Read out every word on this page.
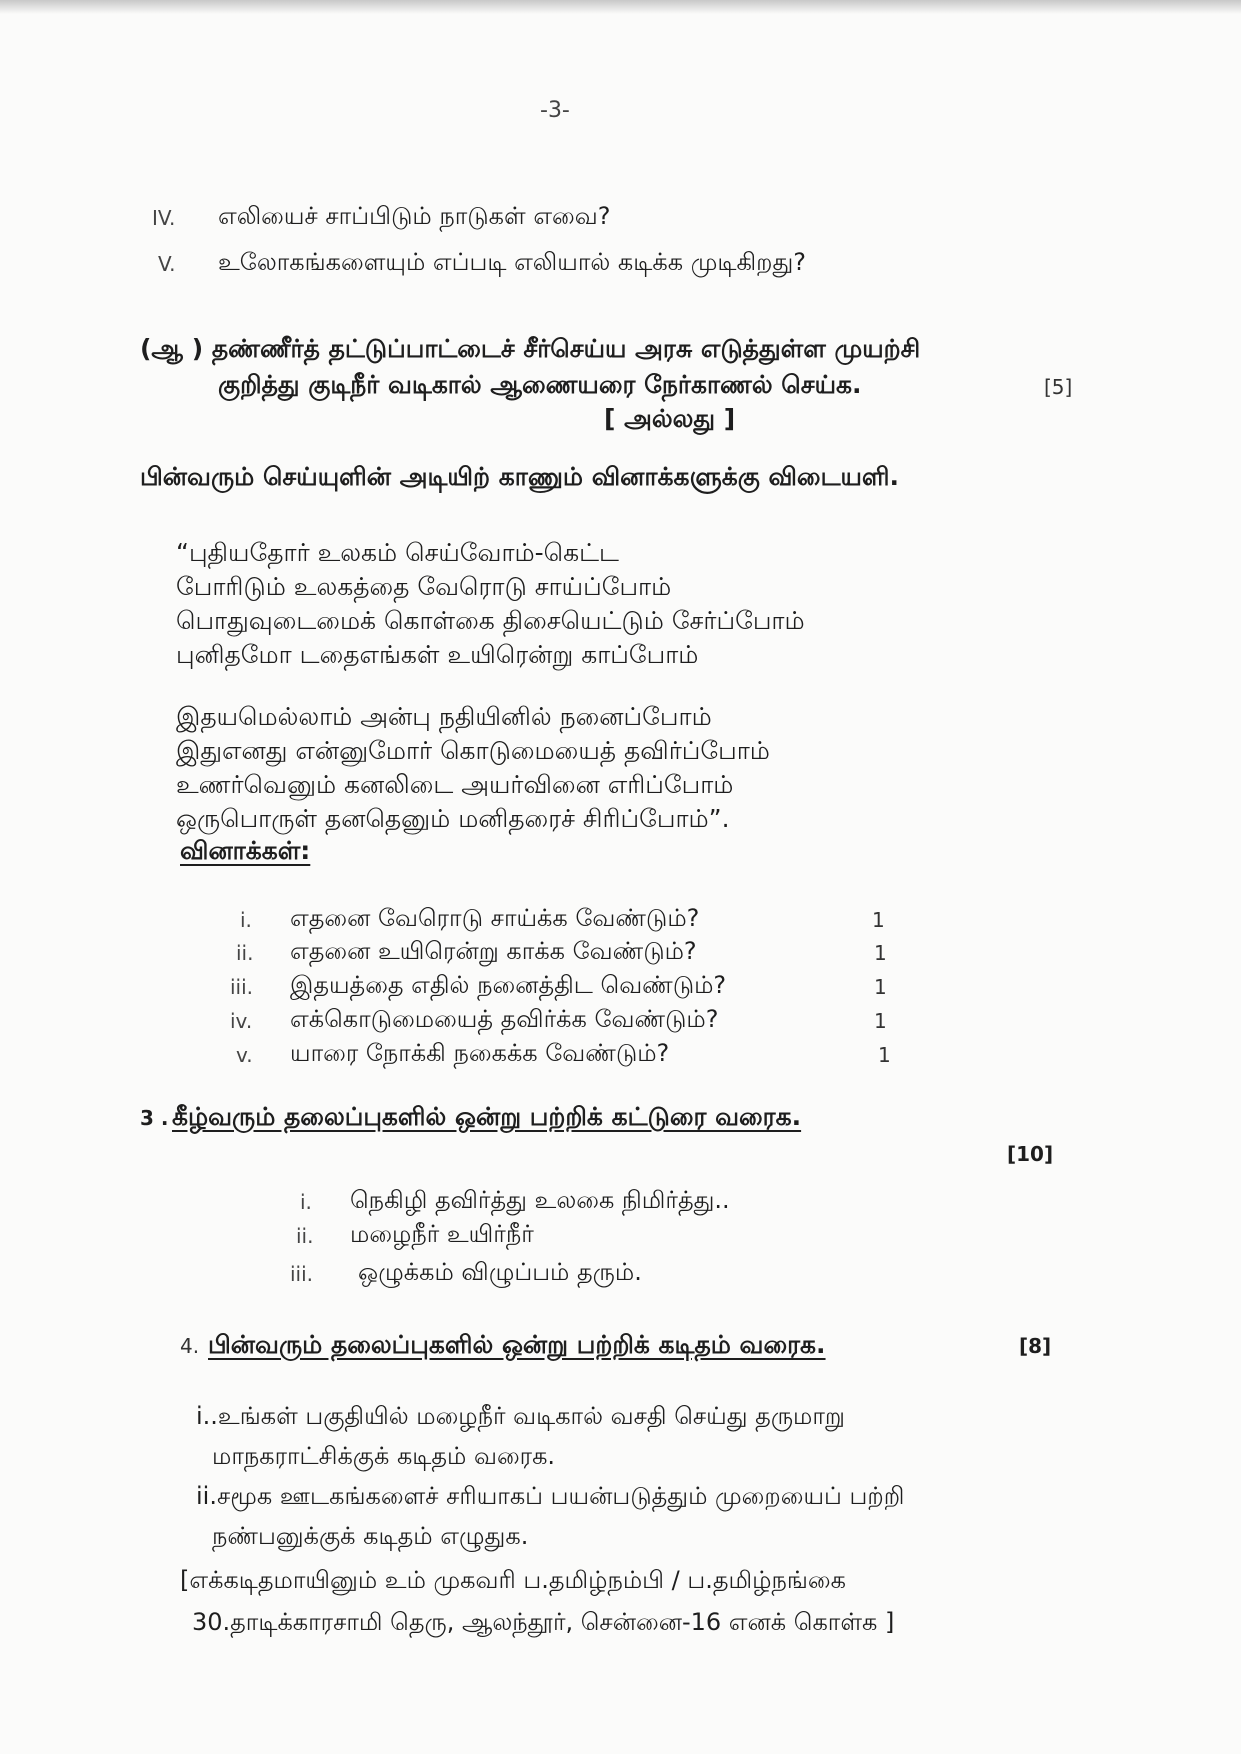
-3-
IV. எலியைச் சாப்பிடும் நாடுகள் எவை?
V. உலோகங்களையும் எப்படி எலியால் கடிக்க முடிகிறது?
(ஆ ) தண்ணீர்த் தட்டுப்பாட்டைச் சீர்செய்ய அரசு எடுத்துள்ள முயற்சி
குறித்து குடிநீர் வடிகால் ஆணையரை நேர்காணல் செய்க.	[5]
[ அல்லது ]
பின்வரும் செய்யுளின் அடியிற் காணும் வினாக்களுக்கு விடையளி.
“புதியதோர் உலகம் செய்வோம்-கெட்ட
போரிடும் உலகத்தை வேரொடு சாய்ப்போம்
பொதுவுடைமைக் கொள்கை திசையெட்டும் சேர்ப்போம்
புனிதமோ டதைஎங்கள் உயிரென்று காப்போம்
இதயமெல்லாம் அன்பு நதியினில் நனைப்போம்
இதுஎனது என்னுமோர் கொடுமையைத் தவிர்ப்போம்
உணர்வெனும் கனலிடை அயர்வினை எரிப்போம்
ஒருபொருள் தனதெனும் மனிதரைச் சிரிப்போம்”.
வினாக்கள்:
i. எதனை வேரொடு சாய்க்க வேண்டும்?	1
ii. எதனை உயிரென்று காக்க வேண்டும்?	1
iii. இதயத்தை எதில் நனைத்திட வெண்டும்?	1
iv. எக்கொடுமையைத் தவிர்க்க வேண்டும்?	1
v. யாரை நோக்கி நகைக்க வேண்டும்?	1
3 . கீழ்வரும் தலைப்புகளில் ஒன்று பற்றிக் கட்டுரை வரைக.
[10]
i. நெகிழி தவிர்த்து உலகை நிமிர்த்து..
ii. மழைநீர் உயிர்நீர்
iii. ஒழுக்கம் விழுப்பம் தரும்.
4. பின்வரும் தலைப்புகளில் ஒன்று பற்றிக் கடிதம் வரைக.	[8]
i..உங்கள் பகுதியில் மழைநீர் வடிகால் வசதி செய்து தருமாறு
மாநகராட்சிக்குக் கடிதம் வரைக.
ii.சமூக ஊடகங்களைச் சரியாகப் பயன்படுத்தும் முறையைப் பற்றி
நண்பனுக்குக் கடிதம் எழுதுக.
[எக்கடிதமாயினும் உம் முகவரி ப.தமிழ்நம்பி / ப.தமிழ்நங்கை
30.தாடிக்காரசாமி தெரு, ஆலந்தூர், சென்னை-16 எனக் கொள்க ]
